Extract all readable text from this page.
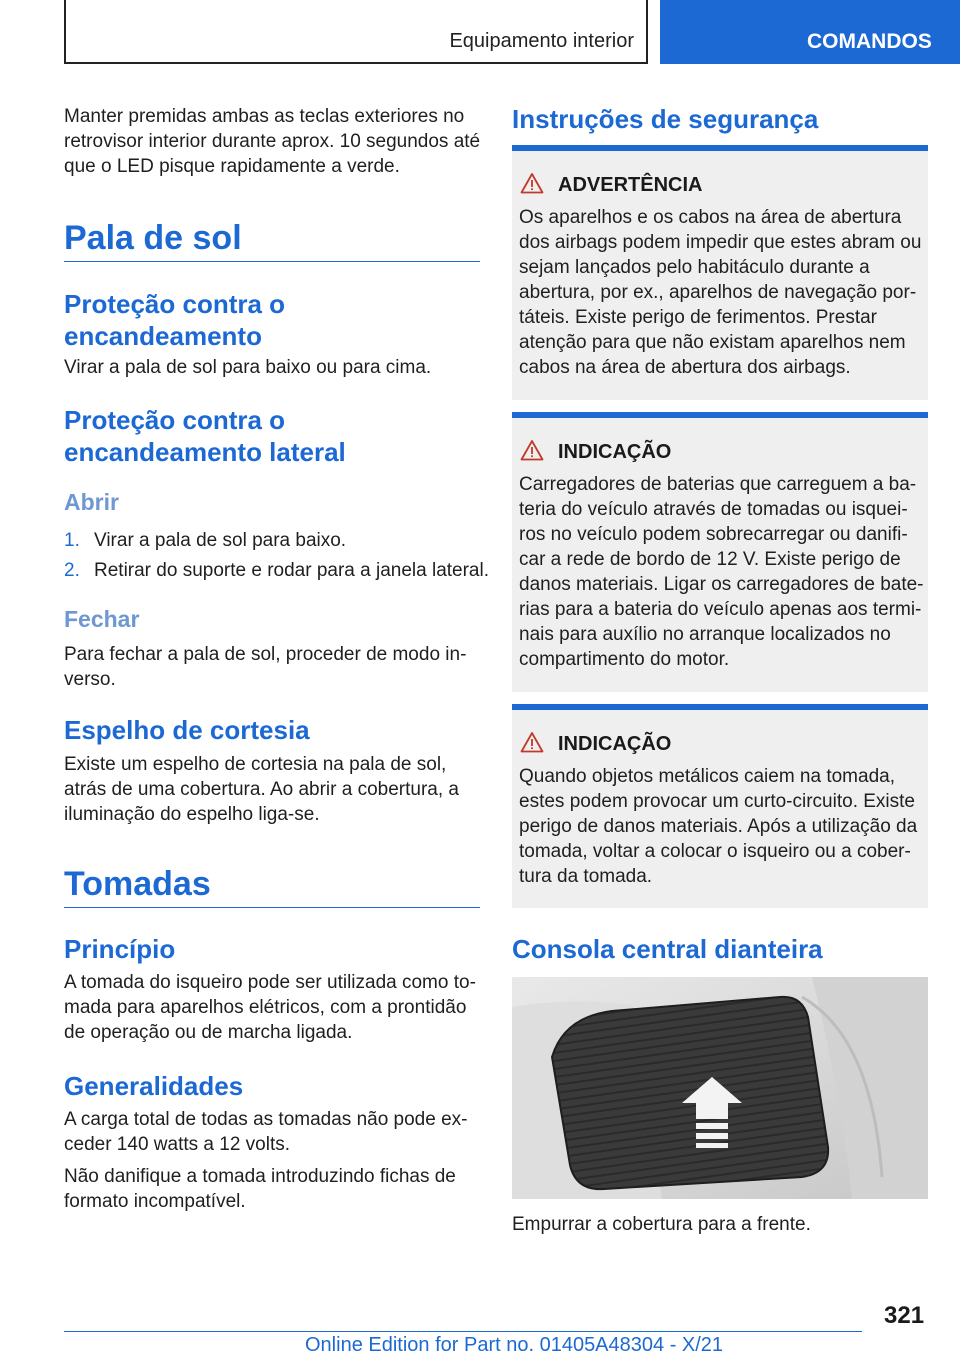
Equipamento interior	COMANDOS

Manter premidas ambas as teclas exteriores no retrovisor interior durante aprox. 10 segundos até que o LED pisque rapidamente a verde.

Pala de sol
Proteção contra o encandeamento

Virar a pala de sol para baixo ou para cima.

Proteção contra o encandeamento lateral
Abrir
1. Virar a pala de sol para baixo.
2. Retirar do suporte e rodar para a janela lateral.
Fechar

Para fechar a pala de sol, proceder de modo in-verso.

Espelho de cortesia

Existe um espelho de cortesia na pala de sol, atrás de uma cobertura. Ao abrir a cobertura, a iluminação do espelho liga-se.

Tomadas
Princípio

A tomada do isqueiro pode ser utilizada como to-mada para aparelhos elétricos, com a prontidão de operação ou de marcha ligada.

Generalidades

A carga total de todas as tomadas não pode ex-ceder 140 watts a 12 volts.

Não danifique a tomada introduzindo fichas de formato incompatível.

Instruções de segurança
ADVERTÊNCIA
Os aparelhos e os cabos na área de abertura dos airbags podem impedir que estes abram ou sejam lançados pelo habitáculo durante a abertura, por ex., aparelhos de navegação por-táteis. Existe perigo de ferimentos. Prestar atenção para que não existam aparelhos nem cabos na área de abertura dos airbags.
INDICAÇÃO
Carregadores de baterias que carreguem a ba-teria do veículo através de tomadas ou isquei-ros no veículo podem sobrecarregar ou danifi-car a rede de bordo de 12 V. Existe perigo de danos materiais. Ligar os carregadores de bate-rias para a bateria do veículo apenas aos termi-nais para auxílio no arranque localizados no compartimento do motor.
INDICAÇÃO
Quando objetos metálicos caiem na tomada, estes podem provocar um curto-circuito. Existe perigo de danos materiais. Após a utilização da tomada, voltar a colocar o isqueiro ou a cober-tura da tomada.
Consola central dianteira

Empurrar a cobertura para a frente.

321
Online Edition for Part no. 01405A48304 - X/21
